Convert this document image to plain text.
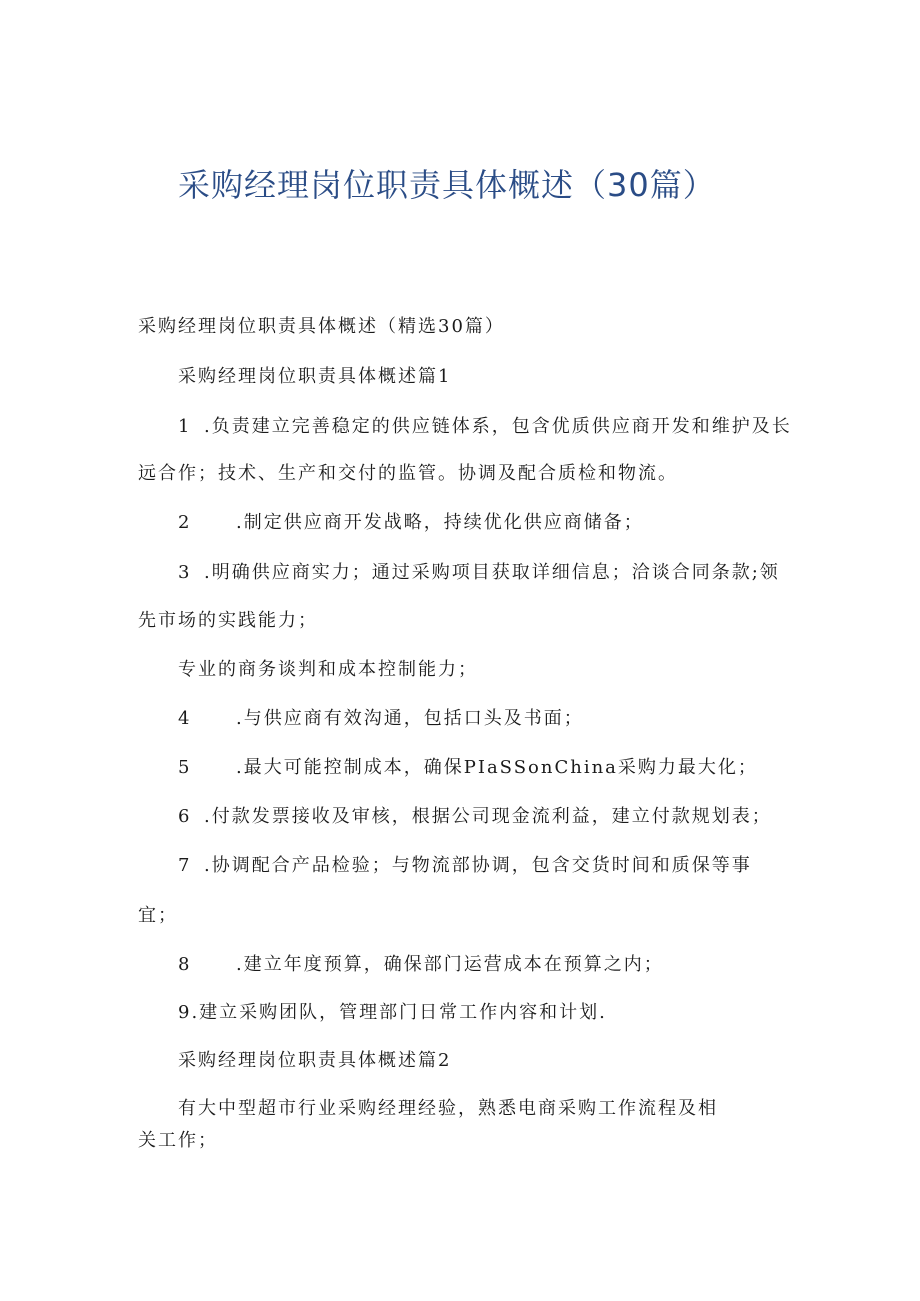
采购经理岗位职责具体概述（30篇）
采购经理岗位职责具体概述（精选30篇）
采购经理岗位职责具体概述篇1
1 .负责建立完善稳定的供应链体系，包含优质供应商开发和维护及长
远合作；技术、生产和交付的监管。协调及配合质检和物流。
2 .制定供应商开发战略，持续优化供应商储备；
3 .明确供应商实力；通过采购项目获取详细信息；洽谈合同条款;领
先市场的实践能力；
专业的商务谈判和成本控制能力；
4 .与供应商有效沟通，包括口头及书面；
5 .最大可能控制成本，确保PIaSSonChina采购力最大化；
6 .付款发票接收及审核，根据公司现金流利益，建立付款规划表；
7 .协调配合产品检验；与物流部协调，包含交货时间和质保等事
宜；
8 .建立年度预算，确保部门运营成本在预算之内；
9.建立采购团队，管理部门日常工作内容和计划.
采购经理岗位职责具体概述篇2
有大中型超市行业采购经理经验，熟悉电商采购工作流程及相
关工作；
